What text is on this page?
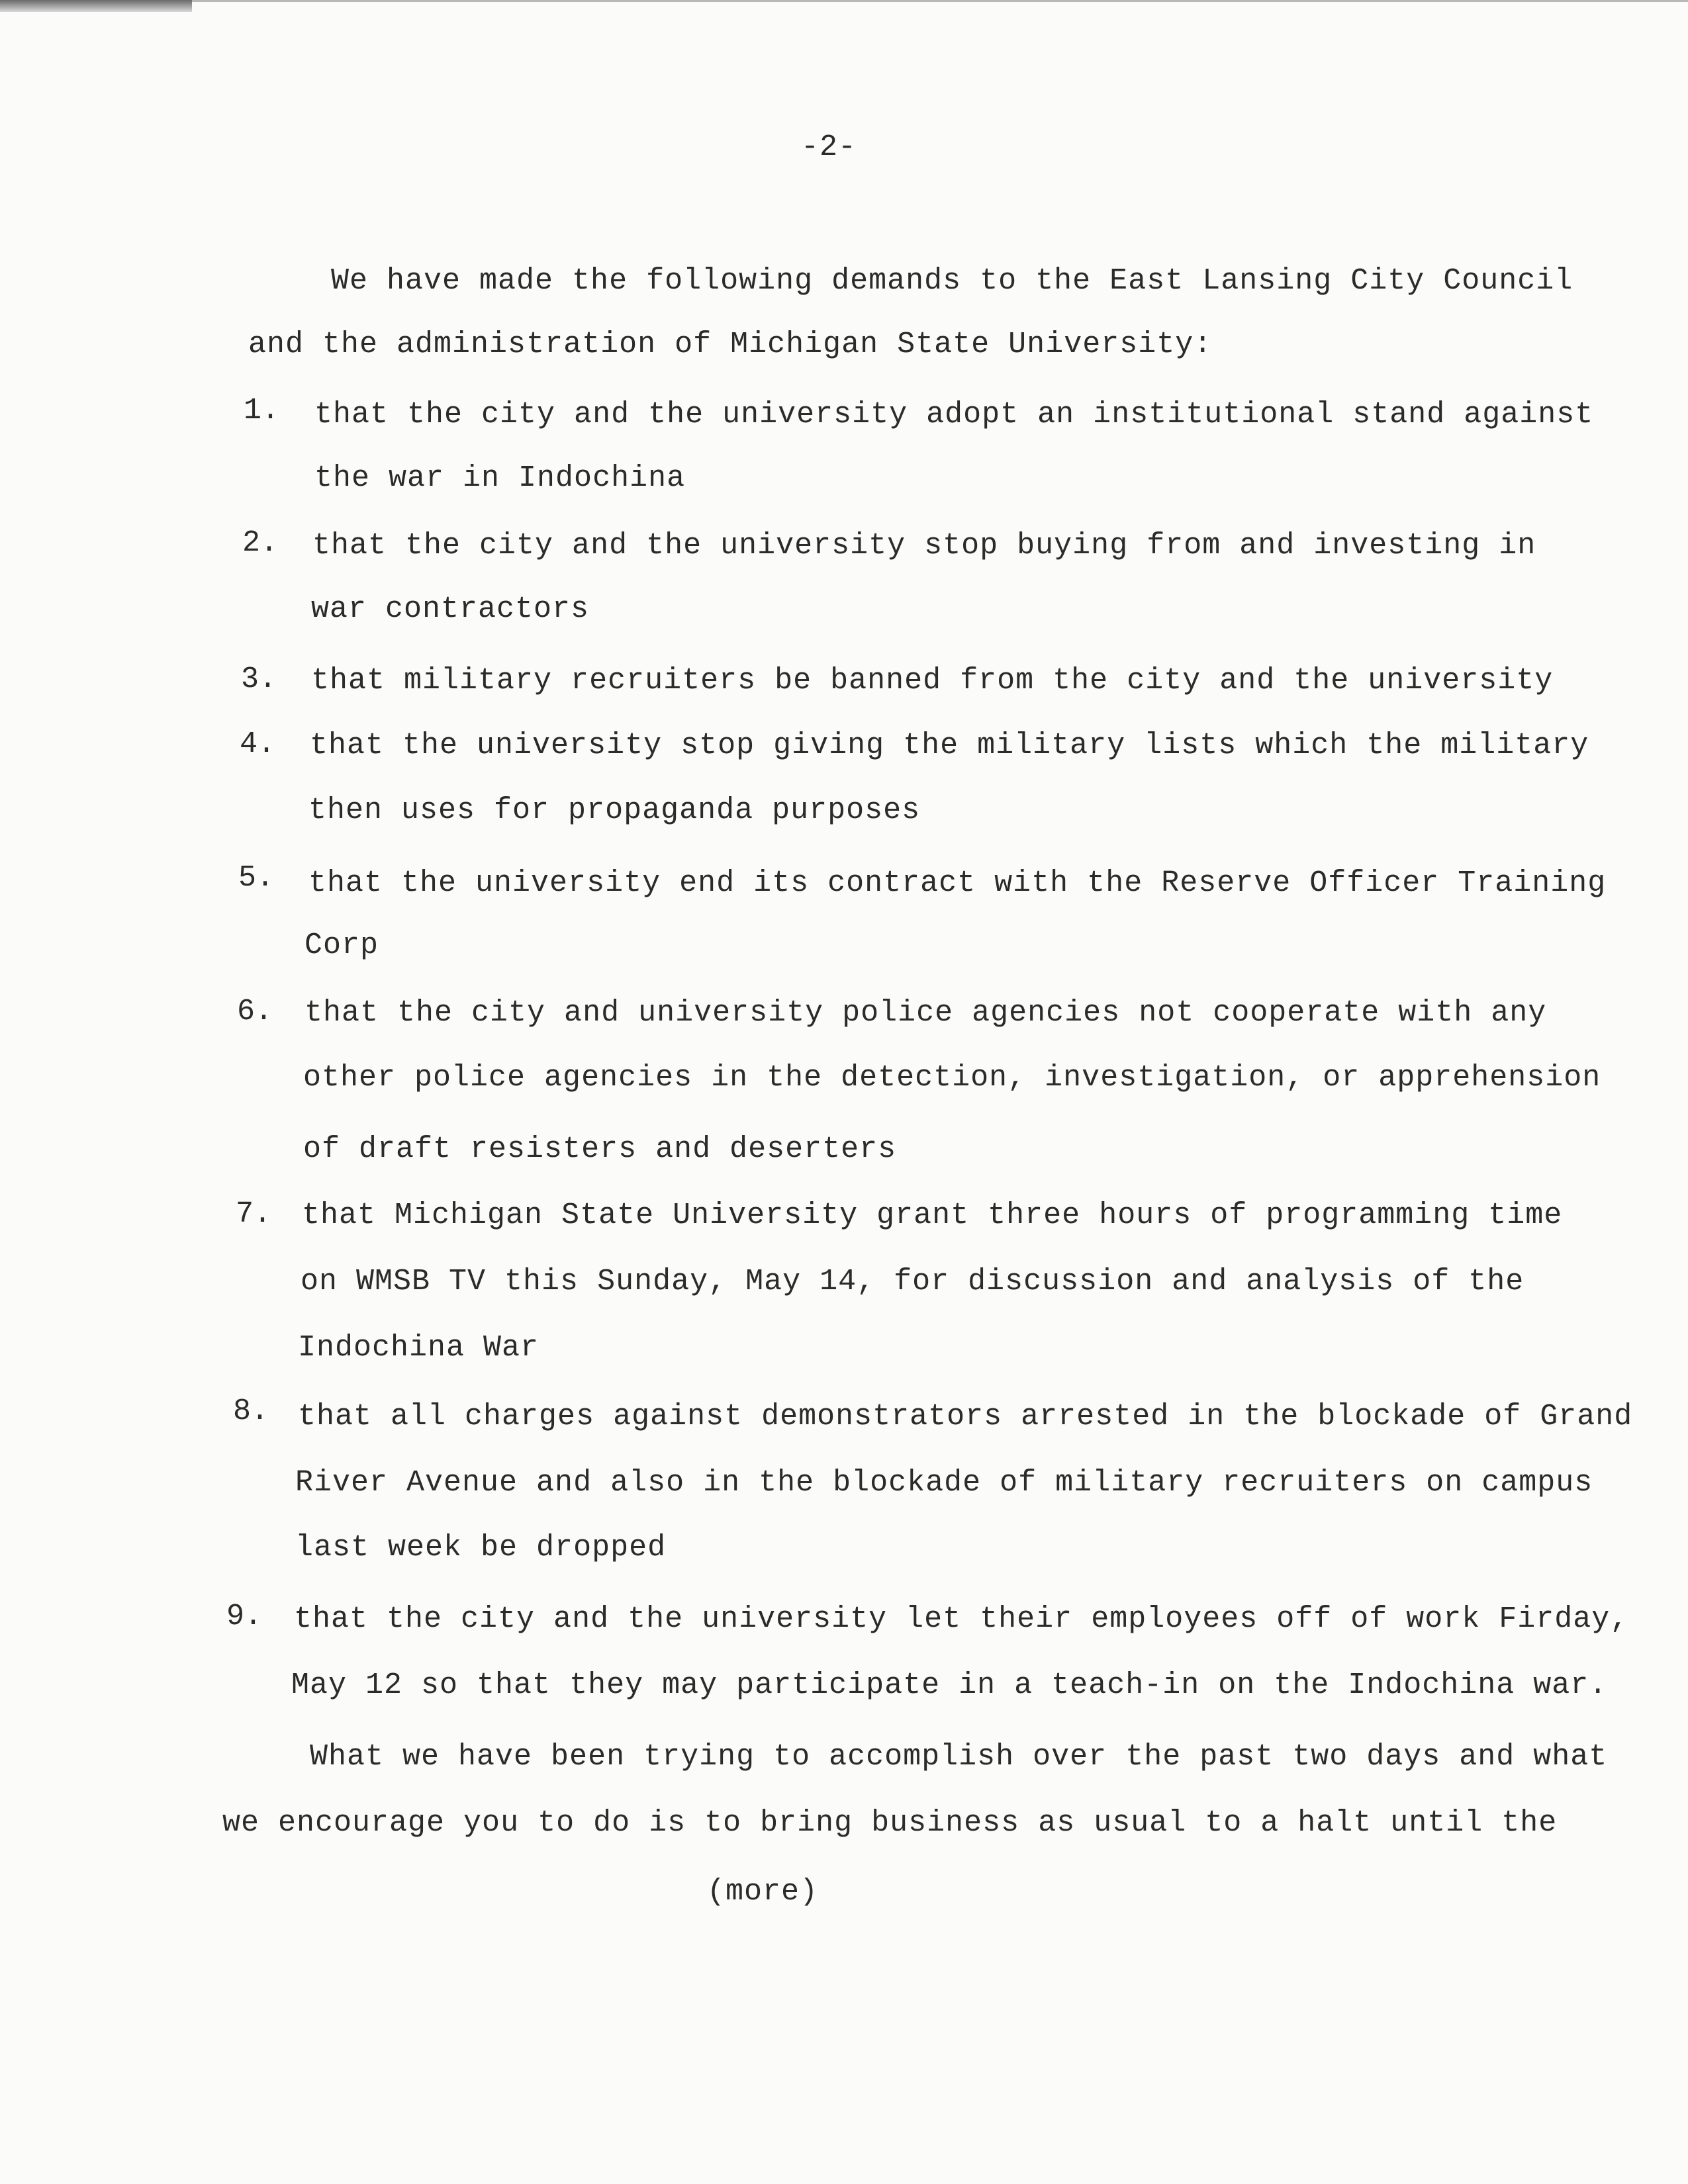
-2-
We have made the following demands to the East Lansing City Council
and the administration of Michigan State University:
1. that the city and the university adopt an institutional stand against
the war in Indochina
2. that the city and the university stop buying from and investing in
war contractors
3. that military recruiters be banned from the city and the university
4. that the university stop giving the military lists which the military
then uses for propaganda purposes
5. that the university end its contract with the Reserve Officer Training
Corp
6. that the city and university police agencies not cooperate with any
other police agencies in the detection, investigation, or apprehension
of draft resisters and deserters
7. that Michigan State University grant three hours of programming time
on WMSB TV this Sunday, May 14, for discussion and analysis of the
Indochina War
8. that all charges against demonstrators arrested in the blockade of Grand
River Avenue and also in the blockade of military recruiters on campus
last week be dropped
9. that the city and the university let their employees off of work Firday,
May 12 so that they may participate in a teach-in on the Indochina war.
What we have been trying to accomplish over the past two days and what
we encourage you to do is to bring business as usual to a halt until the
(more)
